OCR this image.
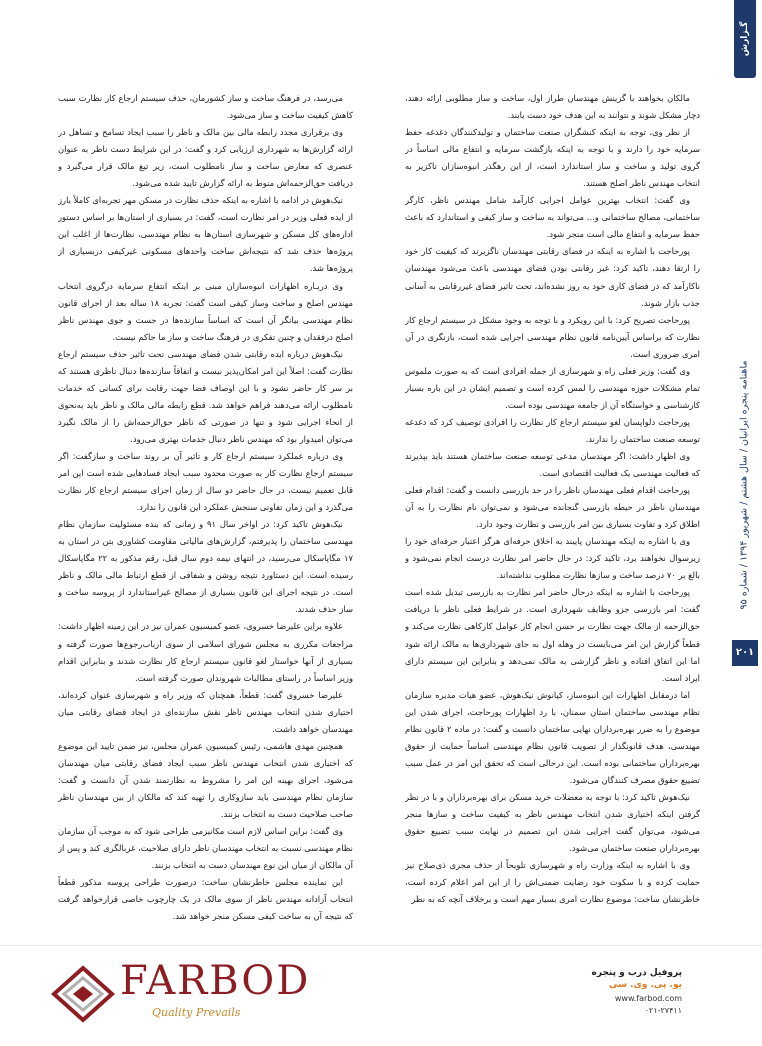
گـزارش
ماهنامه پنجره ایرانیان / سال هشتم / شهریور ۱۳۹۴ / شماره ۹۵
۲۰۱

مالکان بخواهند با گزینش مهندسان طراز اول، ساخت و ساز مطلوبی ارائه دهند، دچار مشکل شوند و نتوانند به این هدف خود دست یابند.

از نظر وی، توجه به اینکه کنشگران صنعت ساختمان و تولیدکنندگان دغدغه حفظ سرمایه خود را دارند و با توجه به اینکه بازگشت سرمایه و انتفاع مالی اساساً در گروی تولید و ساخت و ساز استاندارد است، از این رهگذر انبوه‌سازان تاکزیر به انتخاب مهندس ناظر اصلح هستند.

وی گفت: انتخاب بهترین عوامل اجرایی کارآمد شامل مهندس ناظر، کارگر ساختمانی، مصالح ساختمانی و... می‌تواند به ساخت و ساز کیفی و استاندارد که باعث حفظ سرمایه و انتفاع مالی است منجر شود.

پورحاجت با اشاره به اینکه در فضای رقابتی مهندسان ناگزیرند که کیفیت کار خود را ارتقا دهند، تاکید کرد: غیر رقابتی بودن فضای مهندسی باعث می‌شود مهندسان ناکارآمد که در فضای کاری خود به روز نشده‌اند، تحت تاثیر فضای غیررقابتی به آسانی جذب بازار شوند.

پورحاجت تصریح کرد: با این رویکرد و با توجه به وجود مشکل در سیستم ارجاع کار نظارت که براساس آیین‌نامه قانون نظام مهندسی اجرایی شده است، بازنگری در آن امری ضروری است.

وی گفت: وزیر فعلی راه و شهرسازی از جمله افرادی است که به صورت ملموس تمام مشکلات حوزه مهندسی را لمس کرده است و تصمیم ایشان در این باره بسیار کارشناسی و خواستگاه آن از جامعه مهندسی بوده است.

پورحاجت دلواپسان لغو سیستم ارجاع کار نظارت را افرادی توصیف کرد که دغدغه توسعه صنعت ساختمان را ندارند.

وی اظهار داشت: اگر مهندسان مدعی توسعه صنعت ساختمان هستند باید بپذیرند که فعالیت مهندسی یک فعالیت اقتصادی است.

پورحاجت اقدام فعلی مهندسان ناظر را در حد بازرسی دانست و گفت: اقدام فعلی مهندسان ناظر در حیطه بازرسی گنجانده می‌شود و نمی‌توان نام نظارت را به آن اطلاق کرد و تفاوت بسیاری بین امر بازرسی و نظارت وجود دارد.

وی با اشاره به اینکه مهندسان پایبند به اخلاق حرفه‌ای هرگز اعتبار حرفه‌ای خود را زیرسوال نخواهند برد، تاکید کرد: در حال حاضر امر نظارت درست انجام نمی‌شود و بالغ بر ۷۰ درصد ساخت و سازها نظارت مطلوب نداشته‌اند.

پورحاجت با اشاره به اینکه درحال حاضر امر نظارت به بازرسی تبدیل شده است گفت: امر بازرسی جزو وظایف شهرداری است. در شرایط فعلی ناظر با دریافت حق‌الزحمه از مالک جهت نظارت بر حسن انجام کار عوامل کارکاهی نظارت می‌کند و قطعاً گزارش این امر می‌بایست در وهله اول به جای شهرداری‌ها به مالک ارائه شود اما این اتفاق افتاده و ناظر گزارشی به مالک نمی‌دهد و بنابراین این سیستم دارای ایراد است.

اما درمقابل اظهارات این انبوه‌ساز، کیانوش نیک‌هوش، عضو هیات مدیره سازمان نظام مهندسی ساختمان استان سمنان، با رد اظهارات پورحاجت، اجرای شدن این موضوع را به ضرر بهره‌برداران نهایی ساختمان دانست و گفت: در ماده ۲ قانون نظام مهندسی، هدف قانونگذار از تصویب قانون نظام مهندسی اساساً حمایت از حقوق بهره‌برداران ساختمانی بوده است. این درحالی است که تحقق این امر در عمل سبب تضییع حقوق مصرف کنندگان می‌شود.

نیک‌هوش تاکید کرد: با توجه به معضلات خرید مسکن برای بهره‌برداران و با در نظر گرفتن اینکه اختیاری شدن انتخاب مهندس ناظر به کیفیت ساخت و سازها منجر می‌شود، می‌توان گفت اجرایی شدن این تصمیم در نهایت سبب تضییع حقوق بهره‌برداران صنعت ساختمان می‌شود.

وی با اشاره به اینکه وزارت راه و شهرسازی تلویحاً از حذف مجری ذی‌صلاح نیز حمایت کرده و با سکوت خود رضایت ضمنی‌اش را از این امر اعلام کرده است، خاطرنشان ساخت: موضوع نظارت امری بسیار مهم است و برخلاف آنچه که به نظر

می‌رسد، در فرهنگ ساخت و ساز کشورمان، حذف سیستم ارجاع کار نظارت سبب کاهش کیفیت ساخت و ساز می‌شود.

وی برقراری مجدد رابطه مالی بین مالک و ناظر را سبب ایجاد تسامح و تساهل در ارائه گزارش‌ها به شهرداری ارزیابی کرد و گفت: در این شرایط دست ناظر به عنوان عنصری که معارض ساخت و ساز نامطلوب است، زیر تیغ مالک قرار می‌گیرد و دریافت حق‌الزحمه‌اش منوط به ارائه گزارش تایید شده می‌شود.

نیک‌هوش در ادامه با اشاره به اینکه حذف نظارت در مسکن مهر تجربه‌ای کاملاً بارز از ایده فعلی وزیر در امر نظارت است، گفت: در بسیاری از استان‌ها بر اساس دستور اداره‌های کل مسکن و شهرسازی استان‌ها به نظام مهندسی، نظارت‌ها از اغلب این پروژه‌ها حذف شد که نتیجه‌اش ساخت واحدهای مسکونی غیرکیفی دربسیاری از پروژه‌ها شد.

وی دربـاره اظهارات انبوه‌سازان مبنی بر اینکه انتفاع سرمایه درگروی انتخاب مهندس اصلح و ساخت وساز کیفی است گفت: تجربه ۱۸ ساله بعد از اجرای قانون نظام مهندسی بیانگر آن است که اساساً سازنده‌ها در جست و جوی مهندس ناظر اصلح درفقدان و چنین تفکری در فرهنگ ساخت و ساز ما حاکم نیست.

نیک‌هوش درباره ایده رقابتی شدن فضای مهندسی تحت تاثیر حذف سیستم ارجاع نظارت گفت: اصلاً این امر امکان‌پذیر نیست و اتفاقاً سازنده‌ها دنبال ناظری هستند که بر سر کار حاضر نشود و با این اوصاف فضا جهت رقابت برای کسانی که خدمات نامطلوب ارائه می‌دهند فراهم خواهد شد. قطع رابطه مالی مالک و ناظر باید به‌نحوی از انحاء اجرایی شود و تنها در صورتی که ناظر حق‌الزحمه‌اش را از مالک نگیرد می‌توان امیدوار بود که مهندس ناظر دنبال خدمات بهتری می‌رود.

وی درباره عملکرد سیستم ارجاع کار و تاثیر آن بر روند ساخت و سازگفت: اگر سیستم ارجاع نظارت کار به صورت محدود سبب ایجاد فسادهایی شده است این امر قابل تعمیم نیست، در حال حاضر دو سال از زمان اجرای سیستم ارجاع کار نظارت می‌گذرد و این زمان تفاوتی سنجش عملکرد این قانون را ندارد.

نیک‌هوش تاکید کرد: در اواخر سال ۹۱ و زمانی که بنده مسئولیت سازمان نظام مهندسی ساختمان را پذیرفتم، گزارش‌های مالیاتی مقاومت کشاوری بتن در استان به ۱۷ مگاپاسکال می‌رسید، در انتهای نیمه دوم سال قبل، رقم مذکور به ۲۲ مگاپاسکال رسیده است. این دستاورد نتیجه روشن و شفافی از قطع ارتباط مالی مالک و ناظر است. در نتیجه اجرای این قانون بسیاری از مصالح غیراستاندارد از پروسه ساخت و ساز حذف شدند.

علاوه براین علیرضا خسروی، عضو کمیسیون عمران نیز در این زمینه اظهار داشت: مراجعات مکرری به مجلس شورای اسلامی از سوی ارباب‌رجوع‌ها صورت گرفته و بسیاری از آنها خواستار لغو قانون سیستم ارجاع کار نظارت شدند و بنابراین اقدام وزیر اساساً در راستای مطالبات شهروندان صورت گرفته است.

علیرضا خسروی گفت: قطعاً، همچنان که وزیر راه و شهرسازی عنوان کرده‌اند، اختیاری شدن انتخاب مهندس ناظر نقش سازنده‌ای در ایجاد فضای رقابتی میان مهندسان خواهد داشت.

همچنین مهدی هاشمی، رئیس کمیسیون عمران مجلس، نیز ضمن تایید این موضوع که اختیاری شدن انتخاب مهندس ناظر سبب ایجاد فضای رقابتی میان مهندسان می‌شود، اجرای بهینه این امر را مشروط به نظارتمند شدن آن دانست و گفت: سازمان نظام مهندسی باید سازوکاری را تهیه کند که مالکان از بین مهندسان ناظر صاحب صلاحیت دست به انتخاب بزنند.

وی گفت: براین اساس لازم است مکانیزمی طراحی شود که به موجب آن سازمان نظام مهندسی نسبت به انتخاب مهندسان ناظر دارای صلاحیت، غربالگری کند و پس از آن مالکان از میان این نوع مهندسان دست به انتخاب بزنند.

این نماینده مجلس خاطرنشان ساخت: درصورت طراحی پروسه مذکور قطعاً انتخاب آزادانه مهندس ناظر از سوی مالک در یک چارچوب خاصی قرارخواهد گرفت که نتیجه آن به ساخت کیفی مسکن منجر خواهد شد.

FARBOD
Quality Prevails
پروفیل درب و پنجره
یو. پی. وی. سی
www.farbod.com
۰۲۱-۲۷۴۱۱
